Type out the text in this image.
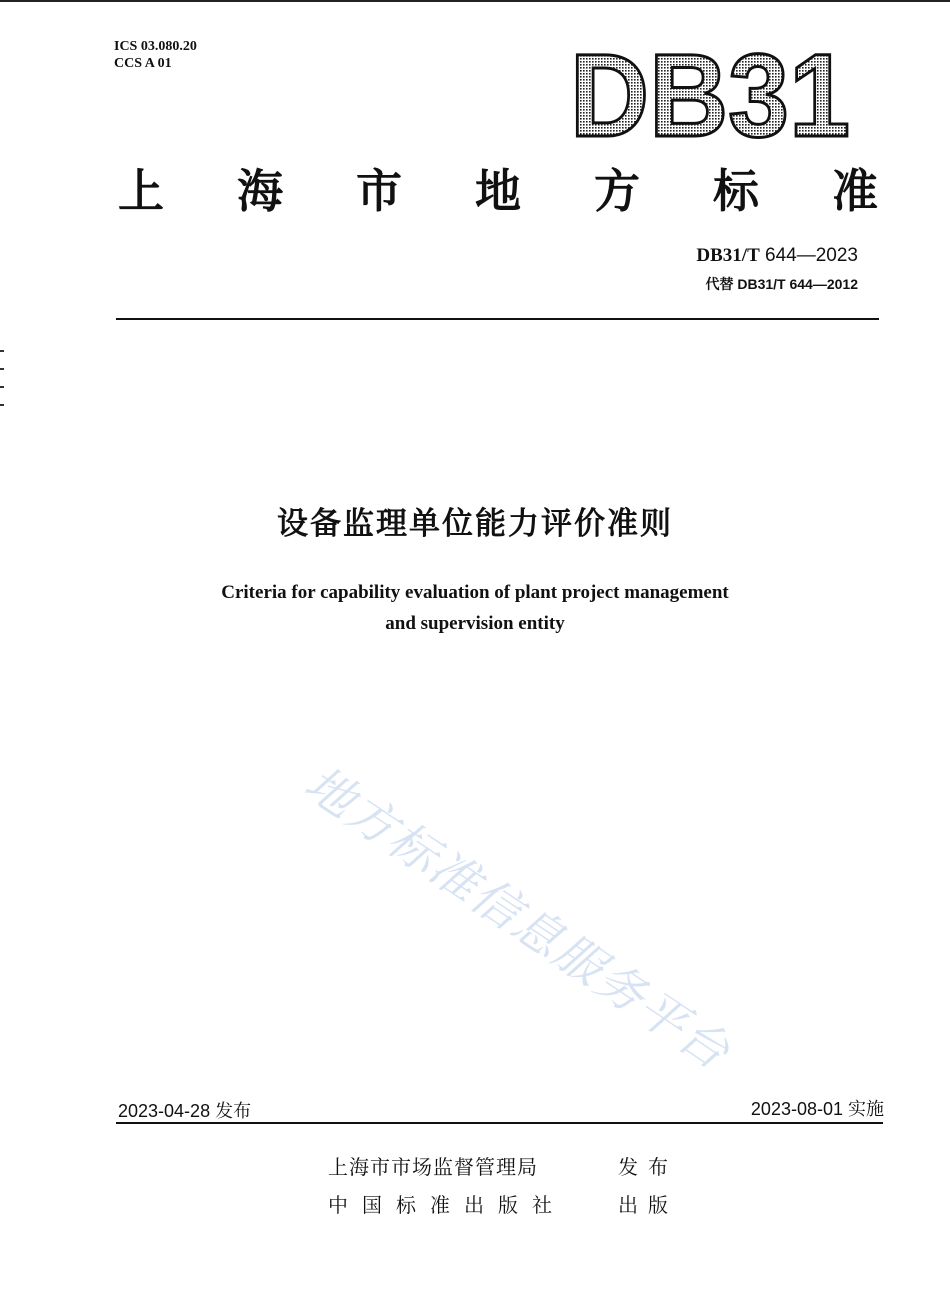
ICS 03.080.20
CCS A 01	DB31
上 海 市 地 方 标 准
DB31/T 644—2023
代替 DB31/T 644—2012
设备监理单位能力评价准则
Criteria for capability evaluation of plant project management
and supervision entity
地方标准信息服务平台
2023-04-28 发布	2023-08-01 实施
上海市市场监督管理局	发布
中国标准出版社	出版
